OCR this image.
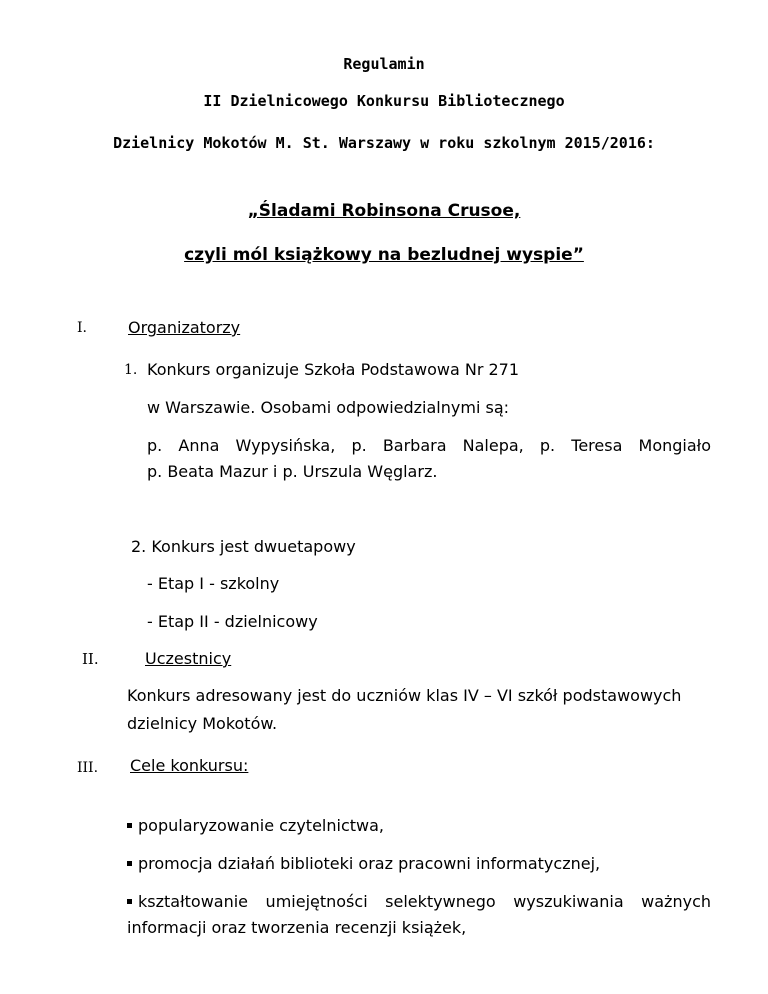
Regulamin
II Dzielnicowego Konkursu Bibliotecznego
Dzielnicy Mokotów M. St. Warszawy w roku szkolnym 2015/2016:
„Śladami Robinsona Crusoe,
czyli mól książkowy na bezludnej wyspie”
I.	Organizatorzy
1. Konkurs organizuje Szkoła Podstawowa Nr 271
w Warszawie. Osobami odpowiedzialnymi są:
p. Anna Wypysińska, p. Barbara Nalepa, p. Teresa Mongiało
p. Beata Mazur i p. Urszula Węglarz.
2. Konkurs jest dwuetapowy
- Etap I - szkolny
- Etap II - dzielnicowy
II.	Uczestnicy
Konkurs adresowany jest do uczniów klas IV – VI szkół podstawowych
dzielnicy Mokotów.
III. Cele konkursu:
popularyzowanie czytelnictwa,
promocja działań biblioteki oraz pracowni informatycznej,
kształtowanie umiejętności selektywnego wyszukiwania ważnych
informacji oraz tworzenia recenzji książek,
